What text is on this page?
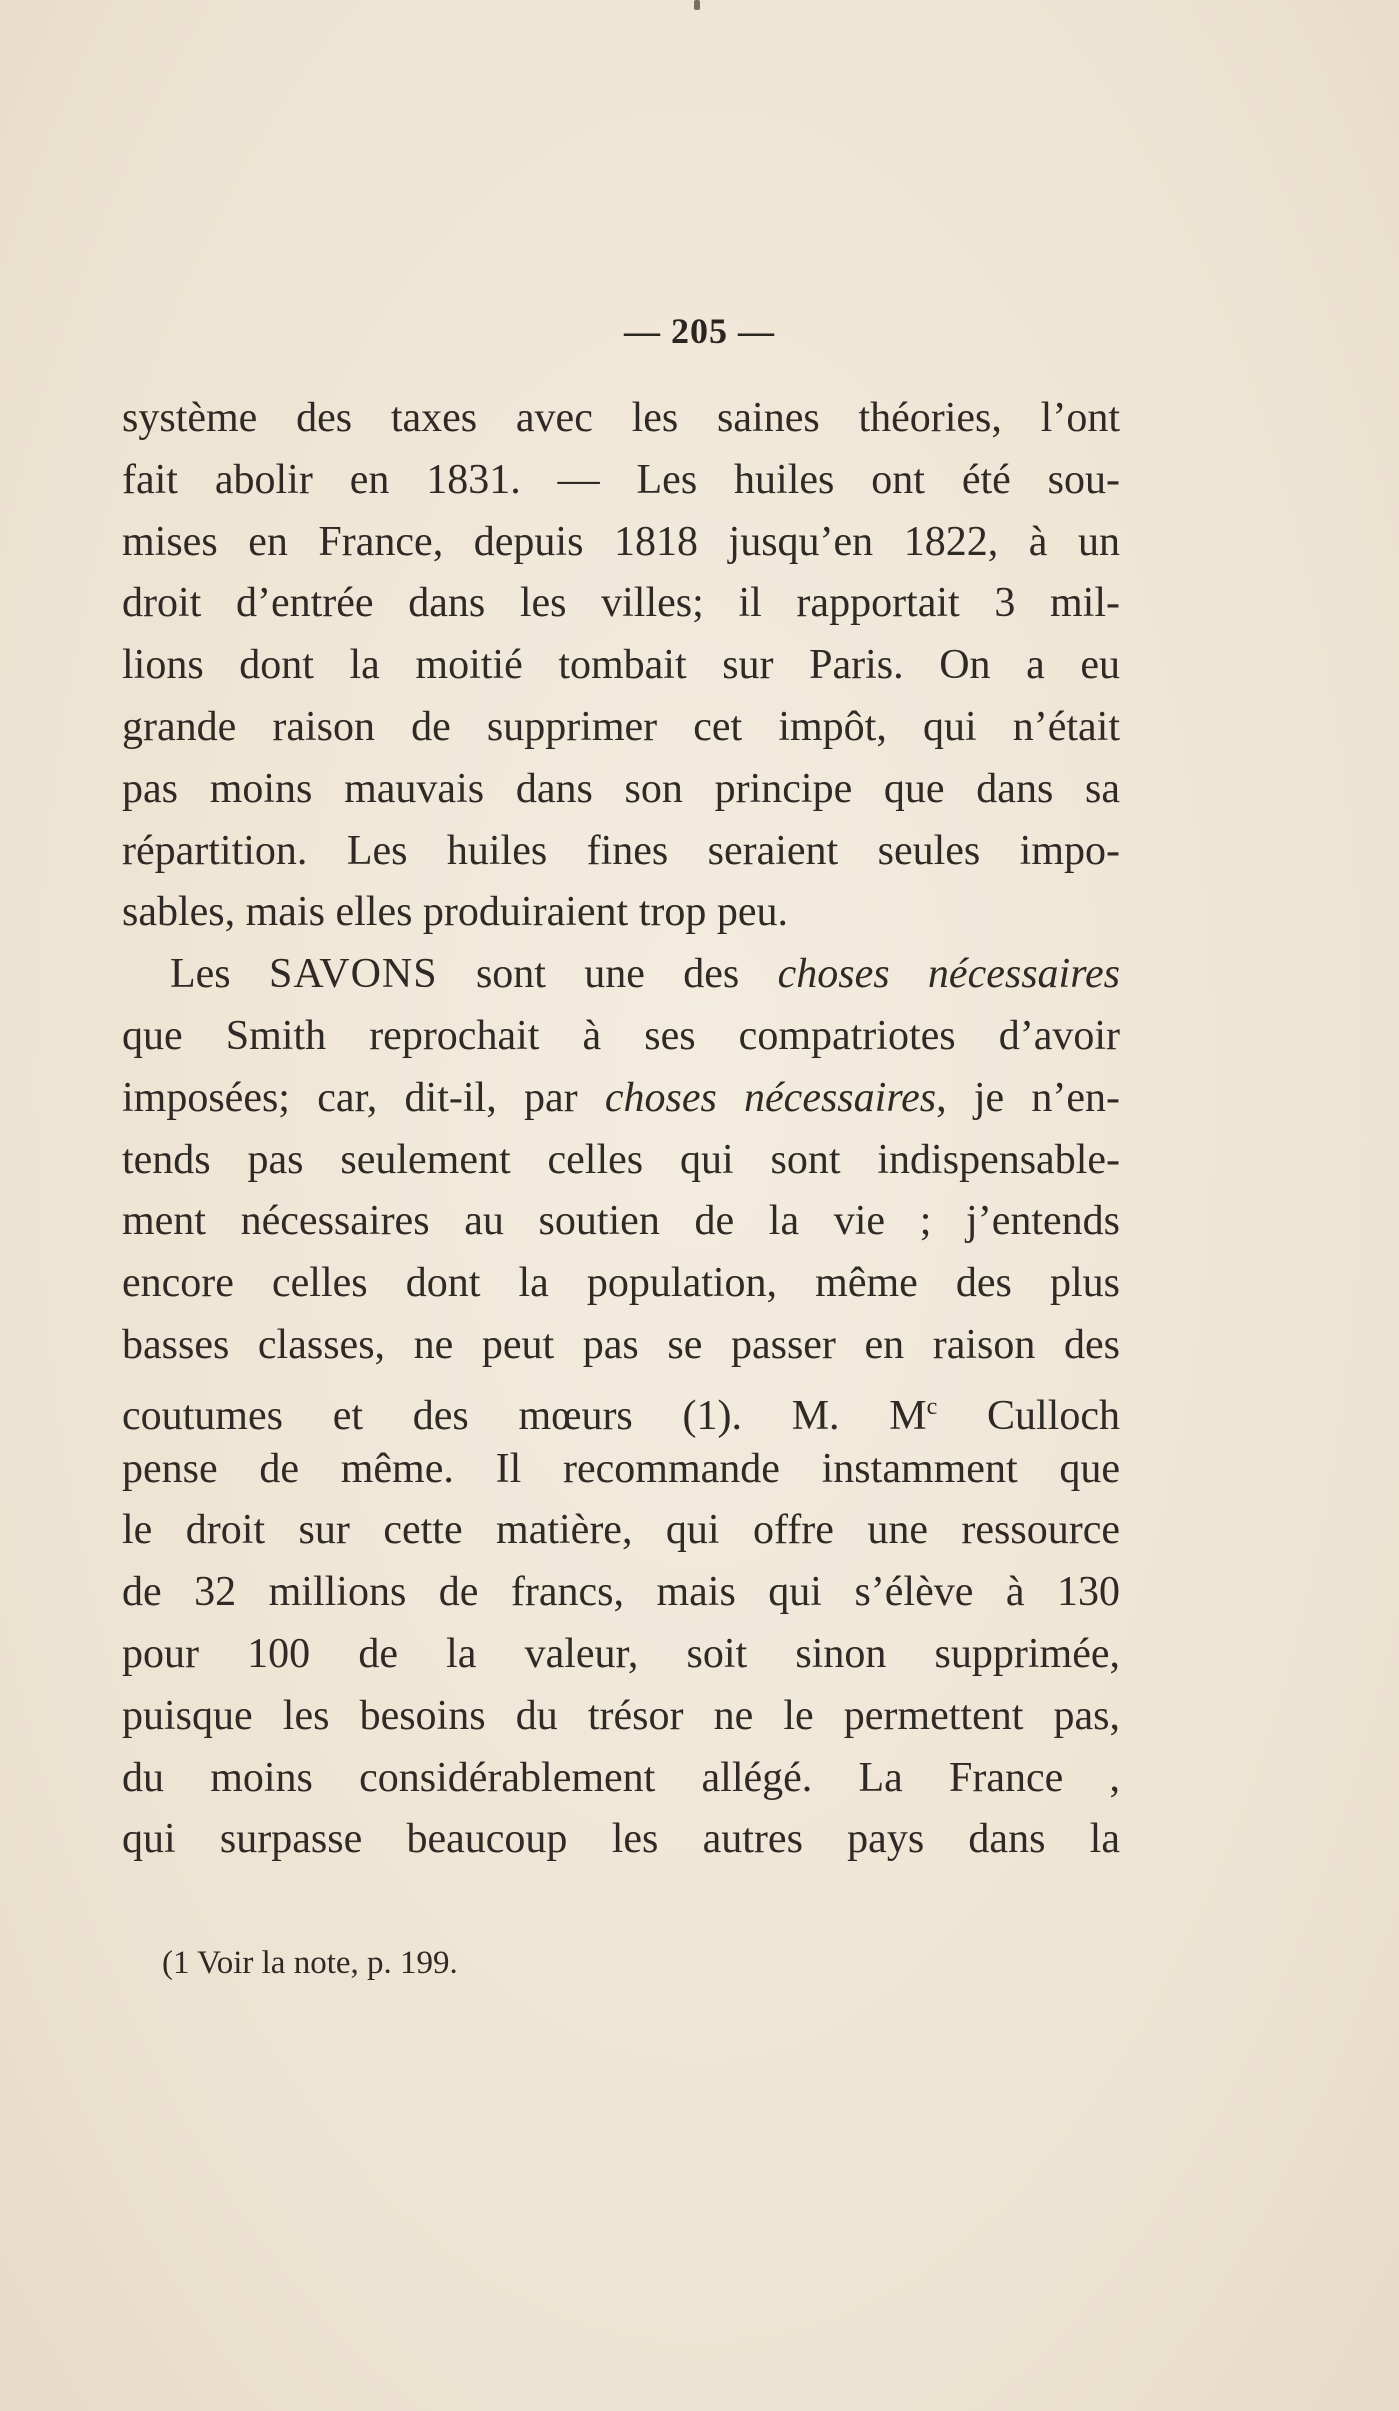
— 205 —
système des taxes avec les saines théories, l’ont
fait abolir en 1831. — Les huiles ont été sou-
mises en France, depuis 1818 jusqu’en 1822, à un
droit d’entrée dans les villes; il rapportait 3 mil-
lions dont la moitié tombait sur Paris. On a eu
grande raison de supprimer cet impôt, qui n’était
pas moins mauvais dans son principe que dans sa
répartition. Les huiles fines seraient seules impo-
sables, mais elles produiraient trop peu.
Les SAVONS sont une des choses nécessaires
que Smith reprochait à ses compatriotes d’avoir
imposées; car, dit-il, par choses nécessaires, je n’en-
tends pas seulement celles qui sont indispensable-
ment nécessaires au soutien de la vie ; j’entends
encore celles dont la population, même des plus
basses classes, ne peut pas se passer en raison des
coutumes et des mœurs (1). M. $M^c$ Culloch
pense de même. Il recommande instamment que
le droit sur cette matière, qui offre une ressource
de 32 millions de francs, mais qui s’élève à 130
pour 100 de la valeur, soit sinon supprimée,
puisque les besoins du trésor ne le permettent pas,
du moins considérablement allégé. La France ,
qui surpasse beaucoup les autres pays dans la
(1 Voir la note, p. 199.
